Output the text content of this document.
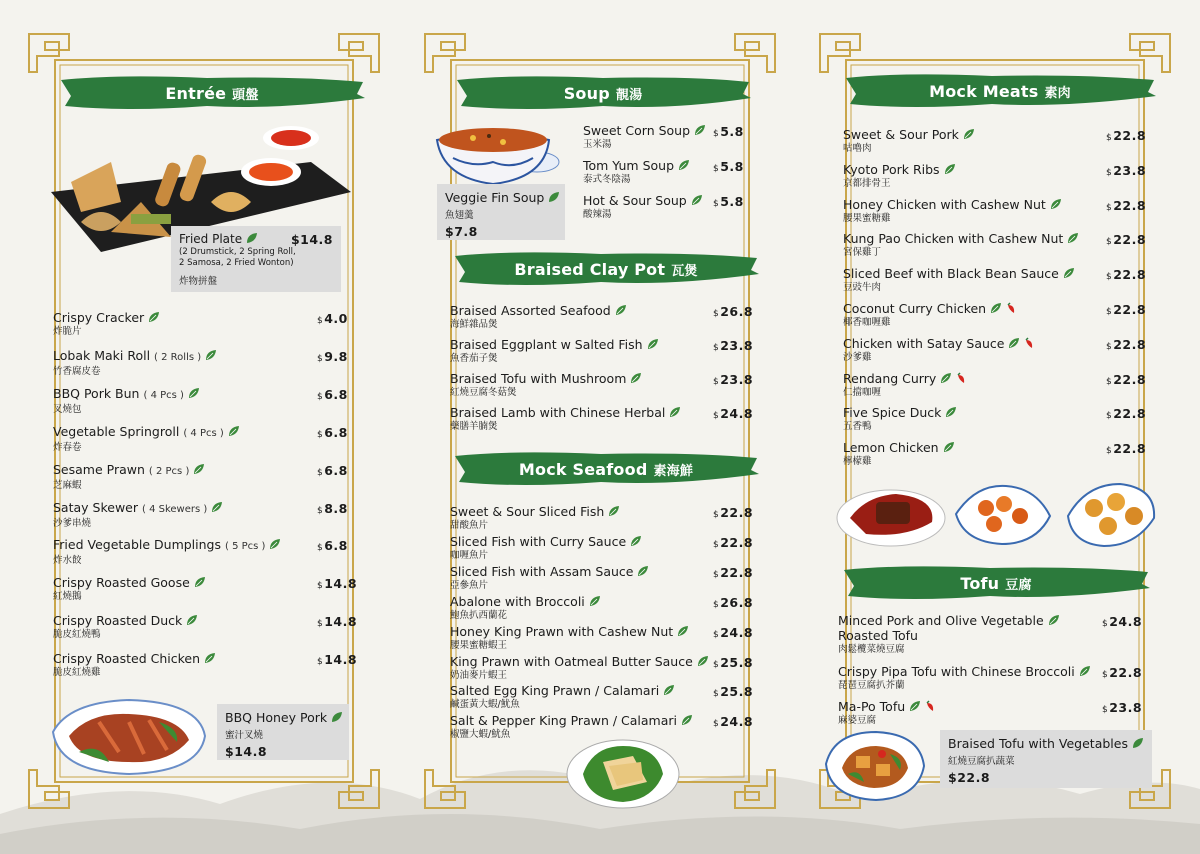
Entrée 頭盤
Fried Plate	$14.8
(2 Drumstick, 2 Spring Roll,
2 Samosa, 2 Fried Wonton)
炸物拼盤
Crispy Cracker
炸脆片
$4.0
Lobak Maki Roll ( 2 Rolls )
竹香腐皮卷
$9.8
BBQ Pork Bun ( 4 Pcs )
叉燒包
$6.8
Vegetable Springroll ( 4 Pcs )
炸春卷
$6.8
Sesame Prawn ( 2 Pcs )
芝麻蝦
$6.8
Satay Skewer ( 4 Skewers )
沙爹串燒
$8.8
Fried Vegetable Dumplings ( 5 Pcs )
炸水餃
$6.8
Crispy Roasted Goose
紅燒鵝
$14.8
Crispy Roasted Duck
脆皮紅燒鴨
$14.8
Crispy Roasted Chicken
脆皮紅燒雞
$14.8
BBQ Honey Pork
蜜汁叉燒
$14.8
Soup 靚湯
Veggie Fin Soup
魚翅羹
$7.8
Sweet Corn Soup
玉米湯
$5.8
Tom Yum Soup
泰式冬陰湯
$5.8
Hot & Sour Soup
酸辣湯
$5.8
Braised Clay Pot 瓦煲
Braised Assorted Seafood
海鮮雜品煲
$26.8
Braised Eggplant w Salted Fish
魚香茄子煲
$23.8
Braised Tofu with Mushroom
紅燒豆腐冬菇煲
$23.8
Braised Lamb with Chinese Herbal
藥膳羊腩煲
$24.8
Mock Seafood 素海鮮
Sweet & Sour Sliced Fish
甜酸魚片
$22.8
Sliced Fish with Curry Sauce
咖喱魚片
$22.8
Sliced Fish with Assam Sauce
亞參魚片
$22.8
Abalone with Broccoli
鮑魚扒西蘭花
$26.8
Honey King Prawn with Cashew Nut
腰果蜜糖蝦王
$24.8
King Prawn with Oatmeal Butter Sauce
奶油麥片蝦王
$25.8
Salted Egg King Prawn / Calamari
鹹蛋黃大蝦/魷魚
$25.8
Salt & Pepper King Prawn / Calamari
椒鹽大蝦/魷魚
$24.8
Mock Meats 素肉
Sweet & Sour Pork
咕嚕肉
$22.8
Kyoto Pork Ribs
京都排骨王
$23.8
Honey Chicken with Cashew Nut
腰果蜜糖雞
$22.8
Kung Pao Chicken with Cashew Nut
宮保雞丁
$22.8
Sliced Beef with Black Bean Sauce
豆豉牛肉
$22.8
Coconut Curry Chicken
椰香咖喱雞
$22.8
Chicken with Satay Sauce
沙爹雞
$22.8
Rendang Curry
仁擋咖喱
$22.8
Five Spice Duck
五香鴨
$22.8
Lemon Chicken
檸檬雞
$22.8
Tofu 豆腐
Minced Pork and Olive Vegetable
Roasted Tofu
肉鬆欖菜燒豆腐
$24.8
Crispy Pipa Tofu with Chinese Broccoli
琵琶豆腐扒芥蘭
$22.8
Ma-Po Tofu
麻婆豆腐
$23.8
Braised Tofu with Vegetables
紅燒豆腐扒蔬菜
$22.8
